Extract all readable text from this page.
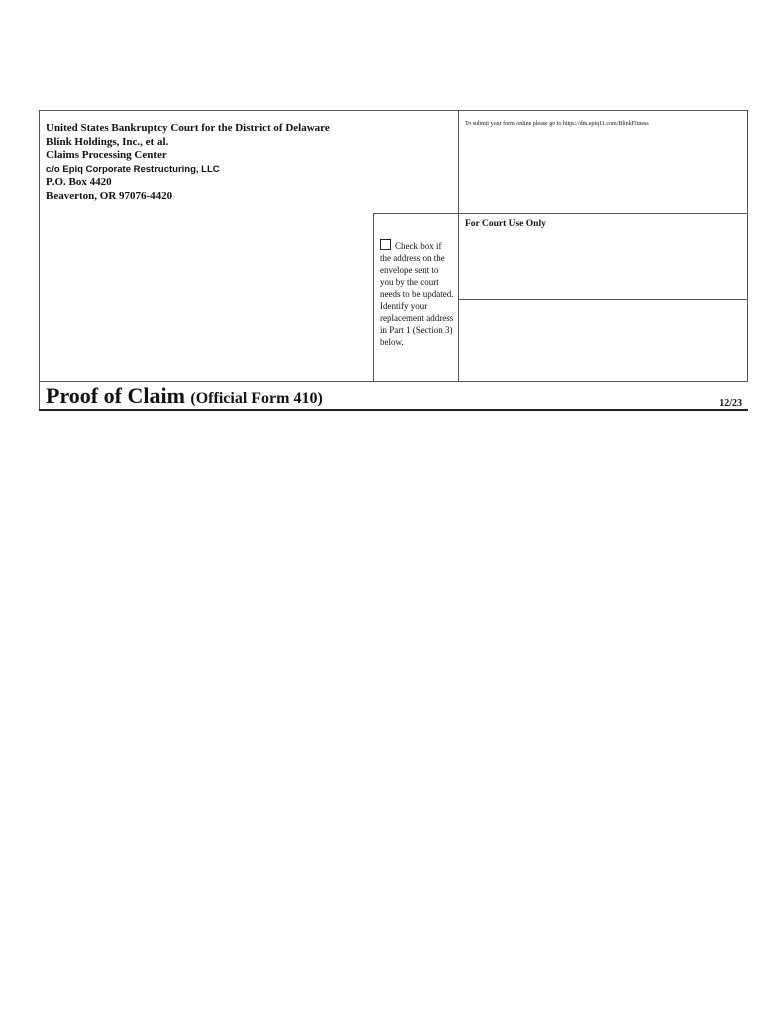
United States Bankruptcy Court for the District of Delaware
Blink Holdings, Inc., et al.
Claims Processing Center
c/o Epiq Corporate Restructuring, LLC
P.O. Box 4420
Beaverton, OR 97076-4420
To submit your form online please go to https://dm.epiq11.com/BlinkFitness
For Court Use Only
Check box if the address on the envelope sent to you by the court needs to be updated. Identify your replacement address in Part 1 (Section 3) below.
Proof of Claim (Official Form 410)	12/23
